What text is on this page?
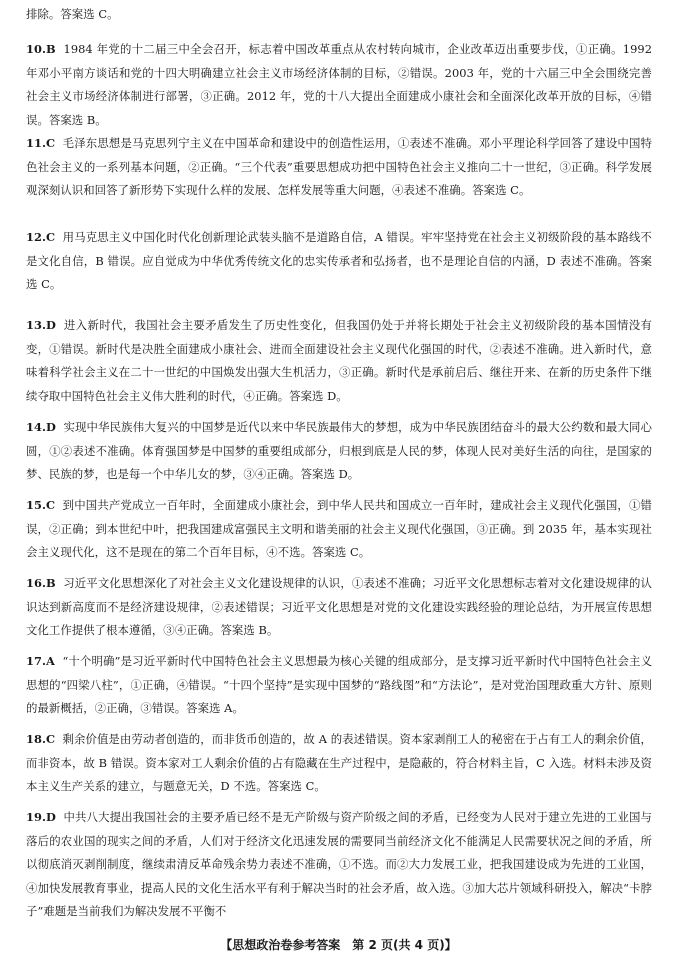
排除。答案选 C。

10.B 1984 年党的十二届三中全会召开，标志着中国改革重点从农村转向城市，企业改革迈出重要步伐，①正确。1992 年邓小平南方谈话和党的十四大明确建立社会主义市场经济体制的目标，②错误。2003 年，党的十六届三中全会围绕完善社会主义市场经济体制进行部署，③正确。2012 年，党的十八大提出全面建成小康社会和全面深化改革开放的目标，④错误。答案选 B。

11.C 毛泽东思想是马克思列宁主义在中国革命和建设中的创造性运用，①表述不准确。邓小平理论科学回答了建设中国特色社会主义的一系列基本问题，②正确。“三个代表”重要思想成功把中国特色社会主义推向二十一世纪，③正确。科学发展观深刻认识和回答了新形势下实现什么样的发展、怎样发展等重大问题，④表述不准确。答案选 C。

12.C 用马克思主义中国化时代化创新理论武装头脑不是道路自信，A 错误。牢牢坚持党在社会主义初级阶段的基本路线不是文化自信，B 错误。应自觉成为中华优秀传统文化的忠实传承者和弘扬者，也不是理论自信的内涵，D 表述不准确。答案选 C。

13.D 进入新时代，我国社会主要矛盾发生了历史性变化，但我国仍处于并将长期处于社会主义初级阶段的基本国情没有变，①错误。新时代是决胜全面建成小康社会、进而全面建设社会主义现代化强国的时代，②表述不准确。进入新时代，意味着科学社会主义在二十一世纪的中国焕发出强大生机活力，③正确。新时代是承前启后、继往开来、在新的历史条件下继续夺取中国特色社会主义伟大胜利的时代，④正确。答案选 D。

14.D 实现中华民族伟大复兴的中国梦是近代以来中华民族最伟大的梦想，成为中华民族团结奋斗的最大公约数和最大同心圆，①②表述不准确。体育强国梦是中国梦的重要组成部分，归根到底是人民的梦，体现人民对美好生活的向往，是国家的梦、民族的梦，也是每一个中华儿女的梦，③④正确。答案选 D。

15.C 到中国共产党成立一百年时，全面建成小康社会，到中华人民共和国成立一百年时，建成社会主义现代化强国，①错误，②正确；到本世纪中叶，把我国建成富强民主文明和谐美丽的社会主义现代化强国，③正确。到 2035 年，基本实现社会主义现代化，这不是现在的第二个百年目标，④不选。答案选 C。

16.B 习近平文化思想深化了对社会主义文化建设规律的认识，①表述不准确；习近平文化思想标志着对文化建设规律的认识达到新高度而不是经济建设规律，②表述错误；习近平文化思想是对党的文化建设实践经验的理论总结，为开展宣传思想文化工作提供了根本遵循，③④正确。答案选 B。

17.A “十个明确”是习近平新时代中国特色社会主义思想最为核心关键的组成部分，是支撑习近平新时代中国特色社会主义思想的“四梁八柱”，①正确，④错误。“十四个坚持”是实现中国梦的“路线图”和“方法论”，是对党治国理政重大方针、原则的最新概括，②正确，③错误。答案选 A。

18.C 剩余价值是由劳动者创造的，而非货币创造的，故 A 的表述错误。资本家剥削工人的秘密在于占有工人的剩余价值，而非资本，故 B 错误。资本家对工人剩余价值的占有隐藏在生产过程中，是隐蔽的，符合材料主旨，C 入选。材料未涉及资本主义生产关系的建立，与题意无关，D 不选。答案选 C。

19.D 中共八大提出我国社会的主要矛盾已经不是无产阶级与资产阶级之间的矛盾，已经变为人民对于建立先进的工业国与落后的农业国的现实之间的矛盾，人们对于经济文化迅速发展的需要同当前经济文化不能满足人民需要状况之间的矛盾，所以彻底消灭剥削制度，继续肃清反革命残余势力表述不准确，①不选。而②大力发展工业，把我国建设成为先进的工业国，④加快发展教育事业，提高人民的文化生活水平有利于解决当时的社会矛盾，故入选。③加大芯片领域科研投入，解决“卡脖子”难题是当前我们为解决发展不平衡不

【思想政治卷参考答案　第 2 页(共 4 页)】
